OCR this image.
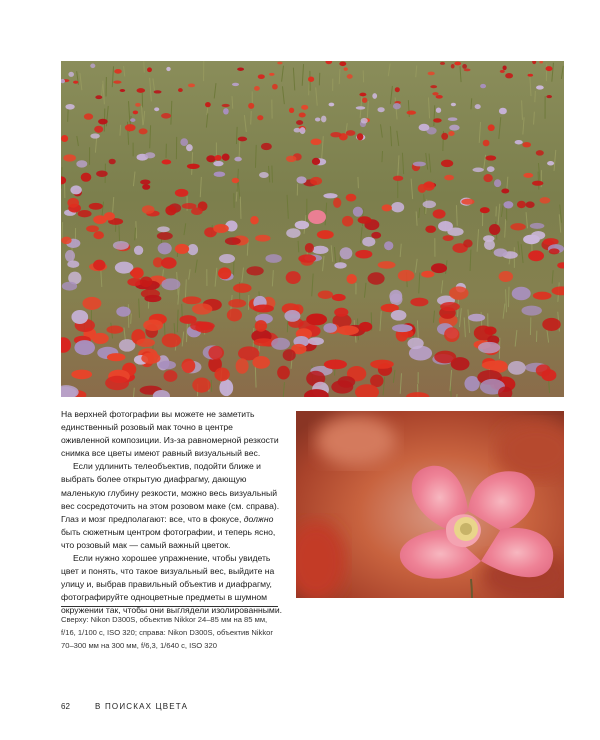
На верхней фотографии вы можете не заметить единственный розовый мак точно в центре оживленной композиции. Из-за равномерной резкости снимка все цветы имеют равный визуальный вес.

Если удлинить телеобъектив, подойти ближе и выбрать более открытую диафрагму, дающую маленькую глубину резкости, можно весь визуальный вес сосредоточить на этом розовом маке (см. справа). Глаз и мозг предполагают: все, что в фокусе, должно быть сюжетным центром фотографии, и теперь ясно, что розовый мак — самый важный цветок.

Если нужно хорошее упражнение, чтобы увидеть цвет и понять, что такое визуальный вес, выйдите на улицу и, выбрав правильный объектив и диафрагму, фотографируйте одноцветные предметы в шумном окружении так, чтобы они выглядели изолированными.

Сверху: Nikon D300S, объектив Nikkor 24–85 мм на 85 мм, f/16, 1/100 с, ISO 320; справа: Nikon D300S, объектив Nikkor 70–300 мм на 300 мм, f/6,3, 1/640 с, ISO 320
62	В ПОИСКАХ ЦВЕТА
